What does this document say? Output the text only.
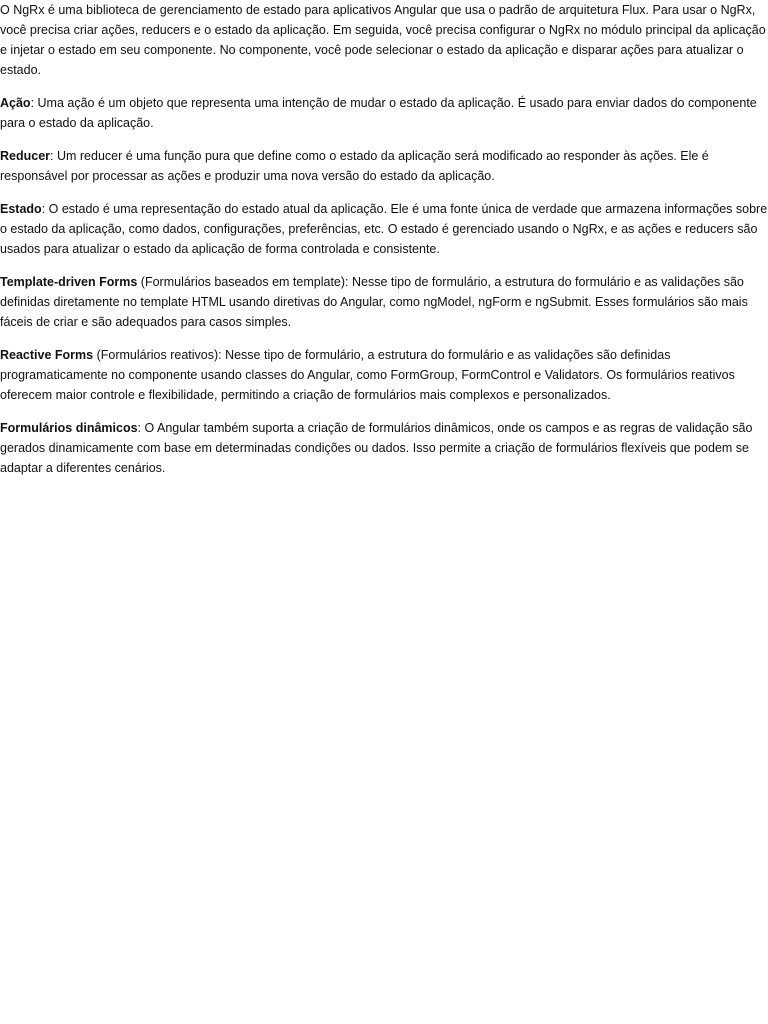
O NgRx é uma biblioteca de gerenciamento de estado para aplicativos Angular que usa o padrão de arquitetura Flux. Para usar o NgRx, você precisa criar ações, reducers e o estado da aplicação. Em seguida, você precisa configurar o NgRx no módulo principal da aplicação e injetar o estado em seu componente. No componente, você pode selecionar o estado da aplicação e disparar ações para atualizar o estado.

Ação: Uma ação é um objeto que representa uma intenção de mudar o estado da aplicação. É usado para enviar dados do componente para o estado da aplicação.

Reducer: Um reducer é uma função pura que define como o estado da aplicação será modificado ao responder às ações. Ele é responsável por processar as ações e produzir uma nova versão do estado da aplicação.

Estado: O estado é uma representação do estado atual da aplicação. Ele é uma fonte única de verdade que armazena informações sobre o estado da aplicação, como dados, configurações, preferências, etc. O estado é gerenciado usando o NgRx, e as ações e reducers são usados para atualizar o estado da aplicação de forma controlada e consistente.

Template-driven Forms (Formulários baseados em template): Nesse tipo de formulário, a estrutura do formulário e as validações são definidas diretamente no template HTML usando diretivas do Angular, como ngModel, ngForm e ngSubmit. Esses formulários são mais fáceis de criar e são adequados para casos simples.

Reactive Forms (Formulários reativos): Nesse tipo de formulário, a estrutura do formulário e as validações são definidas programaticamente no componente usando classes do Angular, como FormGroup, FormControl e Validators. Os formulários reativos oferecem maior controle e flexibilidade, permitindo a criação de formulários mais complexos e personalizados.

Formulários dinâmicos: O Angular também suporta a criação de formulários dinâmicos, onde os campos e as regras de validação são gerados dinamicamente com base em determinadas condições ou dados. Isso permite a criação de formulários flexíveis que podem se adaptar a diferentes cenários.
